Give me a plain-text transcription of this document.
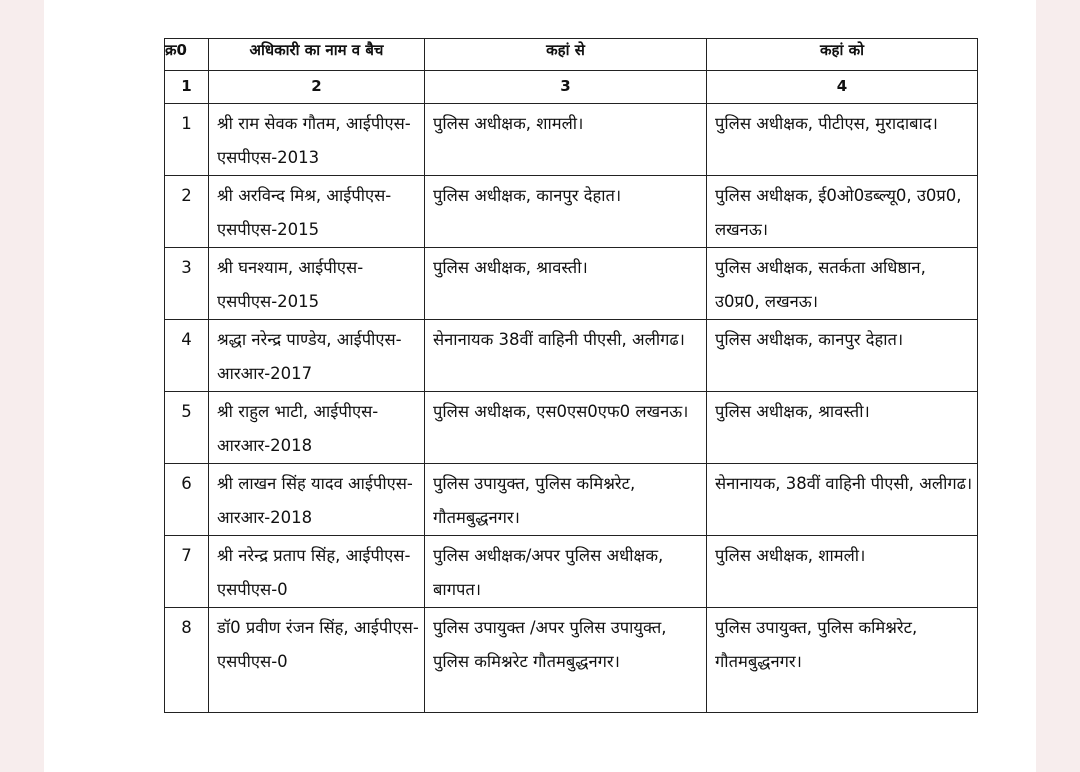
क्र0	अधिकारी का नाम व बैच	कहां से	कहां को
1	2	3	4

1	श्री राम सेवक गौतम, आईपीएस-एसपीएस-2013	पुलिस अधीक्षक, शामली।	पुलिस अधीक्षक, पीटीएस, मुरादाबाद।

2	श्री अरविन्द मिश्र, आईपीएस-एसपीएस-2015	पुलिस अधीक्षक, कानपुर देहात।	पुलिस अधीक्षक, ई0ओ0डब्ल्यू0, उ0प्र0, लखनऊ।

3	श्री घनश्याम, आईपीएस-एसपीएस-2015	पुलिस अधीक्षक, श्रावस्ती।	पुलिस अधीक्षक, सतर्कता अधिष्ठान, उ0प्र0, लखनऊ।

4	श्रद्धा नरेन्द्र पाण्डेय, आईपीएस-आरआर-2017	सेनानायक 38वीं वाहिनी पीएसी, अलीगढ।	पुलिस अधीक्षक, कानपुर देहात।

5	श्री राहुल भाटी, आईपीएस-आरआर-2018	पुलिस अधीक्षक, एस0एस0एफ0 लखनऊ।	पुलिस अधीक्षक, श्रावस्ती।

6	श्री लाखन सिंह यादव आईपीएस-आरआर-2018	पुलिस उपायुक्त, पुलिस कमिश्नरेट, गौतमबुद्धनगर।	सेनानायक, 38वीं वाहिनी पीएसी, अलीगढ।

7	श्री नरेन्द्र प्रताप सिंह, आईपीएस-एसपीएस-0	पुलिस अधीक्षक/अपर पुलिस अधीक्षक, बागपत।	पुलिस अधीक्षक, शामली।

8	डॉ0 प्रवीण रंजन सिंह, आईपीएस-एसपीएस-0	पुलिस उपायुक्त /अपर पुलिस उपायुक्त, पुलिस कमिश्नरेट गौतमबुद्धनगर।	पुलिस उपायुक्त, पुलिस कमिश्नरेट, गौतमबुद्धनगर।
